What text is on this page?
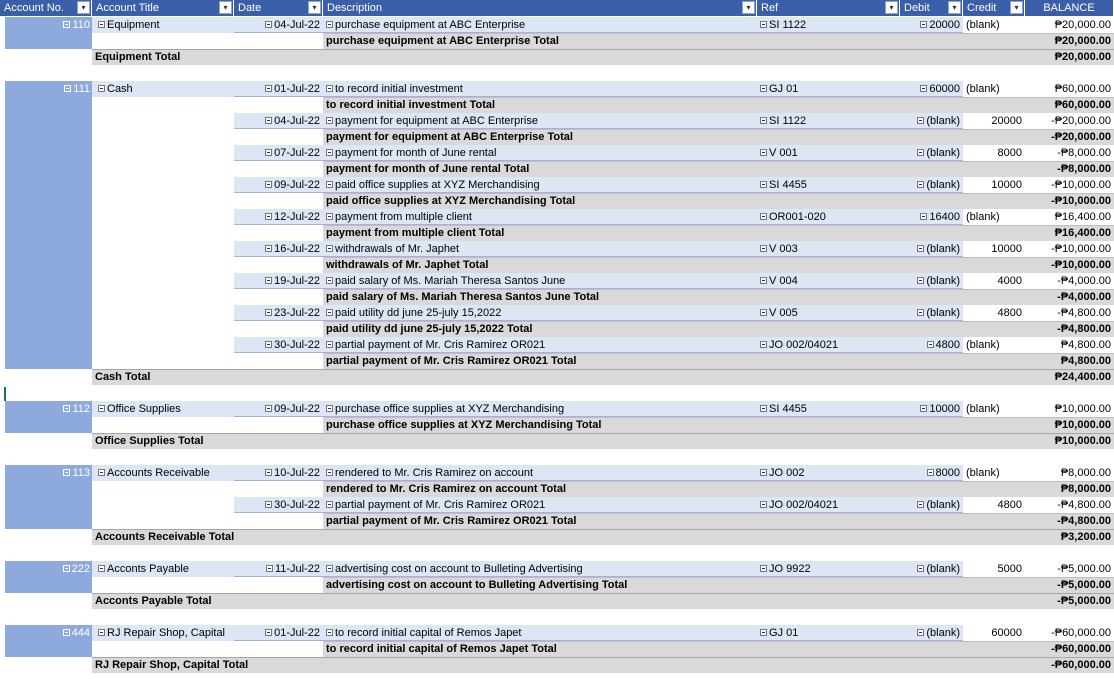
Account No.	▾ Account Title	▾ Date	▾ Description	▾ Ref	▾ Debit	▾ Credit	▾	BALANCE
110	Equipment	04-Jul-22	purchase equipment at ABC Enterprise	SI 1122	20000 (blank)	₱20,000.00
purchase equipment at ABC Enterprise Total	₱20,000.00
Equipment Total	₱20,000.00
111	Cash	01-Jul-22	to record initial investment	GJ 01	60000 (blank)	₱60,000.00
to record initial investment Total	₱60,000.00
04-Jul-22	payment for equipment at ABC Enterprise	SI 1122	(blank)	20000	-₱20,000.00
payment for equipment at ABC Enterprise Total	-₱20,000.00
07-Jul-22	payment for month of June rental	V 001	(blank)	8000	-₱8,000.00
payment for month of June rental Total	-₱8,000.00
09-Jul-22	paid office supplies at XYZ Merchandising	SI 4455	(blank)	10000	-₱10,000.00
paid office supplies at XYZ Merchandising Total	-₱10,000.00
12-Jul-22	payment from multiple client	OR001-020	16400 (blank)	₱16,400.00
payment from multiple client Total	₱16,400.00
16-Jul-22	withdrawals of Mr. Japhet	V 003	(blank)	10000	-₱10,000.00
withdrawals of Mr. Japhet Total	-₱10,000.00
19-Jul-22	paid salary of Ms. Mariah Theresa Santos June	V 004	(blank)	4000	-₱4,000.00
paid salary of Ms. Mariah Theresa Santos June Total	-₱4,000.00
23-Jul-22	paid utility dd june 25-july 15,2022	V 005	(blank)	4800	-₱4,800.00
paid utility dd june 25-july 15,2022 Total	-₱4,800.00
30-Jul-22	partial payment of Mr. Cris Ramirez OR021	JO 002/04021	4800 (blank)	₱4,800.00
partial payment of Mr. Cris Ramirez OR021 Total	₱4,800.00
Cash Total	₱24,400.00
112	Office Supplies	09-Jul-22	purchase office supplies at XYZ Merchandising	SI 4455	10000 (blank)	₱10,000.00
purchase office supplies at XYZ Merchandising Total	₱10,000.00
Office Supplies Total	₱10,000.00
113	Accounts Receivable	10-Jul-22	rendered to Mr. Cris Ramirez on account	JO 002	8000 (blank)	₱8,000.00
rendered to Mr. Cris Ramirez on account Total	₱8,000.00
30-Jul-22	partial payment of Mr. Cris Ramirez OR021	JO 002/04021	(blank)	4800	-₱4,800.00
partial payment of Mr. Cris Ramirez OR021 Total	-₱4,800.00
Accounts Receivable Total	₱3,200.00
222	Acconts Payable	11-Jul-22	advertising cost on account to Bulleting Advertising	JO 9922	(blank)	5000	-₱5,000.00
advertising cost on account to Bulleting Advertising Total	-₱5,000.00
Acconts Payable Total	-₱5,000.00
444	RJ Repair Shop, Capital	01-Jul-22	to record initial capital of Remos Japet	GJ 01	(blank)	60000	-₱60,000.00
to record initial capital of Remos Japet Total	-₱60,000.00
RJ Repair Shop, Capital Total	-₱60,000.00
